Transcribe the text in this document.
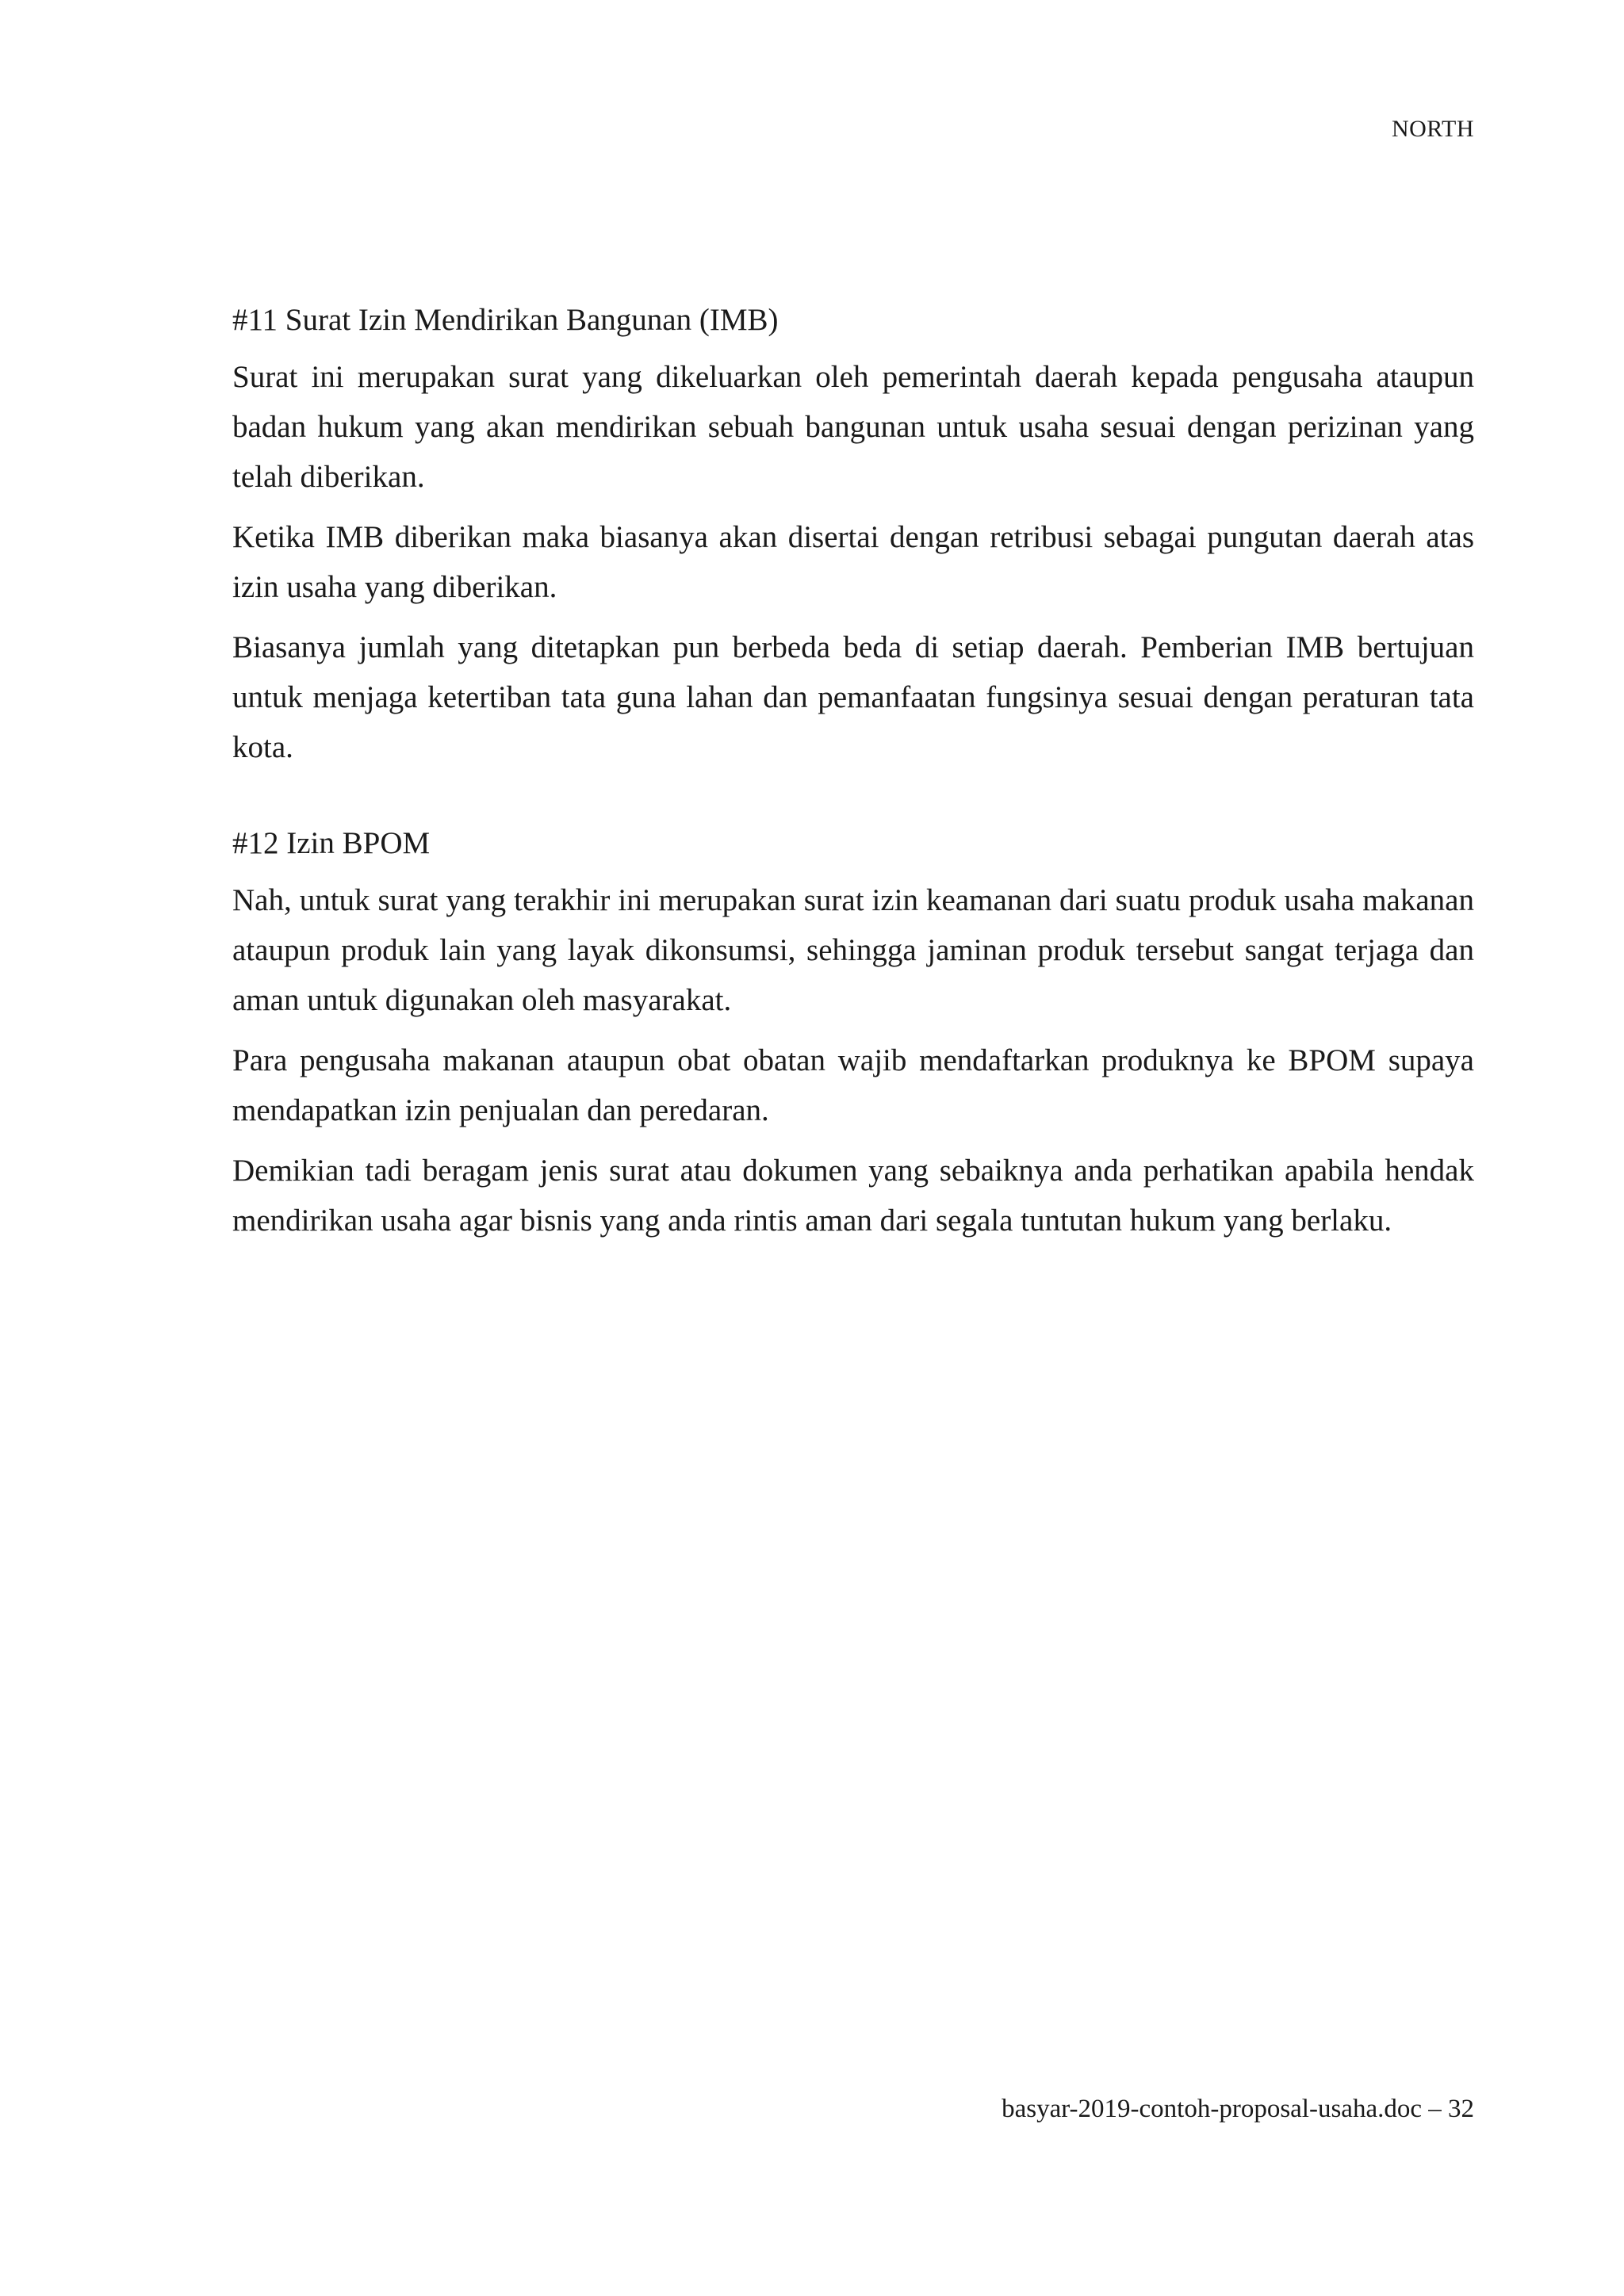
NORTH

#11 Surat Izin Mendirikan Bangunan (IMB)

Surat ini merupakan surat yang dikeluarkan oleh pemerintah daerah kepada pengusaha ataupun badan hukum yang akan mendirikan sebuah bangunan untuk usaha sesuai dengan perizinan yang telah diberikan.

Ketika IMB diberikan maka biasanya akan disertai dengan retribusi sebagai pungutan daerah atas izin usaha yang diberikan.

Biasanya jumlah yang ditetapkan pun berbeda beda di setiap daerah. Pemberian IMB bertujuan untuk menjaga ketertiban tata guna lahan dan pemanfaatan fungsinya sesuai dengan peraturan tata kota.

#12 Izin BPOM

Nah, untuk surat yang terakhir ini merupakan surat izin keamanan dari suatu produk usaha makanan ataupun produk lain yang layak dikonsumsi, sehingga jaminan produk tersebut sangat terjaga dan aman untuk digunakan oleh masyarakat.

Para pengusaha makanan ataupun obat obatan wajib mendaftarkan produknya ke BPOM supaya mendapatkan izin penjualan dan peredaran.

Demikian tadi beragam jenis surat atau dokumen yang sebaiknya anda perhatikan apabila hendak mendirikan usaha agar bisnis yang anda rintis aman dari segala tuntutan hukum yang berlaku.

basyar-2019-contoh-proposal-usaha.doc – 32
